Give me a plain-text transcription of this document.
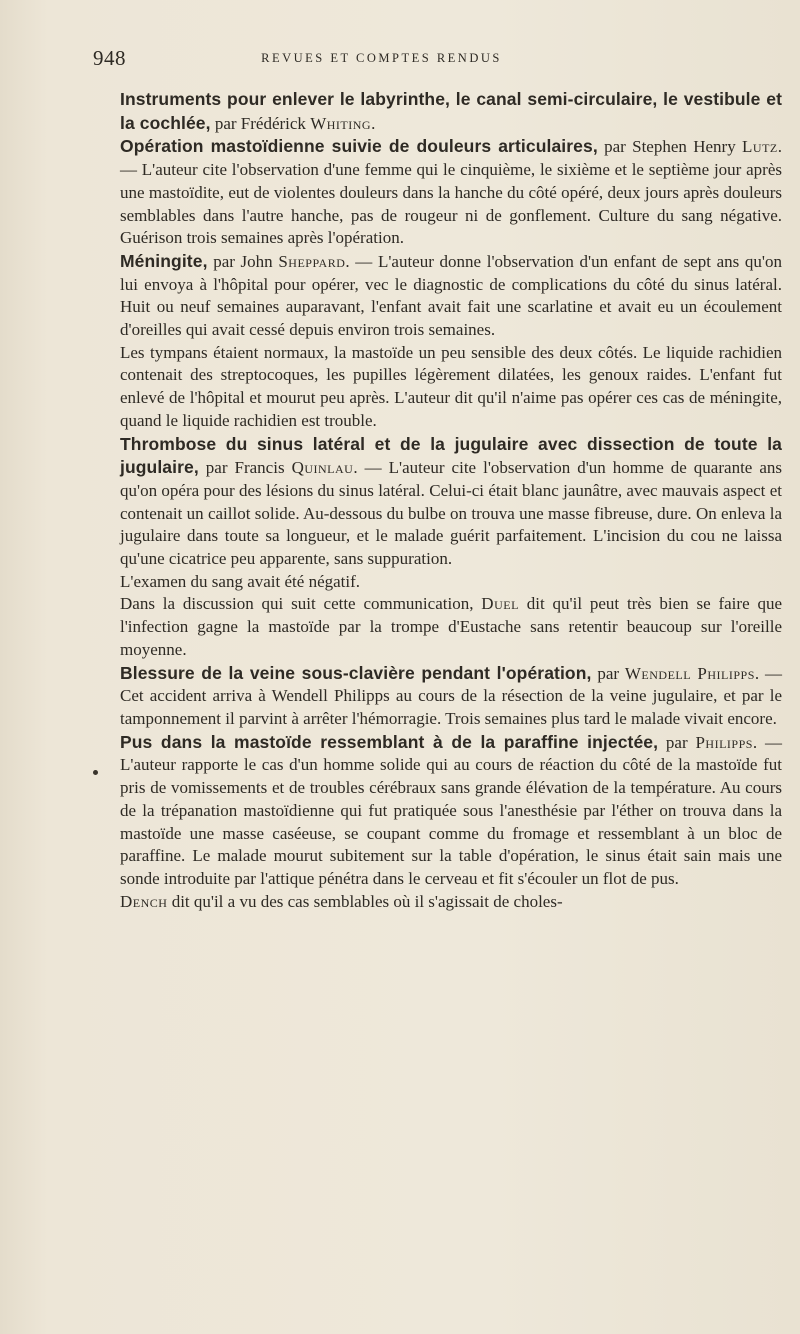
948	REVUES ET COMPTES RENDUS

Instruments pour enlever le labyrinthe, le canal semi-circulaire, le vestibule et la cochlée, par Frédérick Whiting.

Opération mastoïdienne suivie de douleurs articulaires, par Stephen Henry Lutz. — L'auteur cite l'observation d'une femme qui le cinquième, le sixième et le septième jour après une mastoïdite, eut de violentes douleurs dans la hanche du côté opéré, deux jours après douleurs semblables dans l'autre hanche, pas de rougeur ni de gonflement. Culture du sang négative. Guérison trois semaines après l'opération.

Méningite, par John Sheppard. — L'auteur donne l'observation d'un enfant de sept ans qu'on lui envoya à l'hôpital pour opérer, vec le diagnostic de complications du côté du sinus latéral. Huit ou neuf semaines auparavant, l'enfant avait fait une scarlatine et avait eu un écoulement d'oreilles qui avait cessé depuis environ trois semaines.

Les tympans étaient normaux, la mastoïde un peu sensible des deux côtés. Le liquide rachidien contenait des streptocoques, les pupilles légèrement dilatées, les genoux raides. L'enfant fut enlevé de l'hôpital et mourut peu après. L'auteur dit qu'il n'aime pas opérer ces cas de méningite, quand le liquide rachidien est trouble.

Thrombose du sinus latéral et de la jugulaire avec dissection de toute la jugulaire, par Francis Quinlau. — L'auteur cite l'observation d'un homme de quarante ans qu'on opéra pour des lésions du sinus latéral. Celui-ci était blanc jaunâtre, avec mauvais aspect et contenait un caillot solide. Au-dessous du bulbe on trouva une masse fibreuse, dure. On enleva la jugulaire dans toute sa longueur, et le malade guérit parfaitement. L'incision du cou ne laissa qu'une cicatrice peu apparente, sans suppuration.

L'examen du sang avait été négatif.

Dans la discussion qui suit cette communication, Duel dit qu'il peut très bien se faire que l'infection gagne la mastoïde par la trompe d'Eustache sans retentir beaucoup sur l'oreille moyenne.

Blessure de la veine sous-clavière pendant l'opération, par Wendell Philipps. — Cet accident arriva à Wendell Philipps au cours de la résection de la veine jugulaire, et par le tamponnement il parvint à arrêter l'hémorragie. Trois semaines plus tard le malade vivait encore.

Pus dans la mastoïde ressemblant à de la paraffine injectée, par Philipps. — L'auteur rapporte le cas d'un homme solide qui au cours de réaction du côté de la mastoïde fut pris de vomissements et de troubles cérébraux sans grande élévation de la température. Au cours de la trépanation mastoïdienne qui fut pratiquée sous l'anesthésie par l'éther on trouva dans la mastoïde une masse caséeuse, se coupant comme du fromage et ressemblant à un bloc de paraffine. Le malade mourut subitement sur la table d'opération, le sinus était sain mais une sonde introduite par l'attique pénétra dans le cerveau et fit s'écouler un flot de pus.

Dench dit qu'il a vu des cas semblables où il s'agissait de choles-
